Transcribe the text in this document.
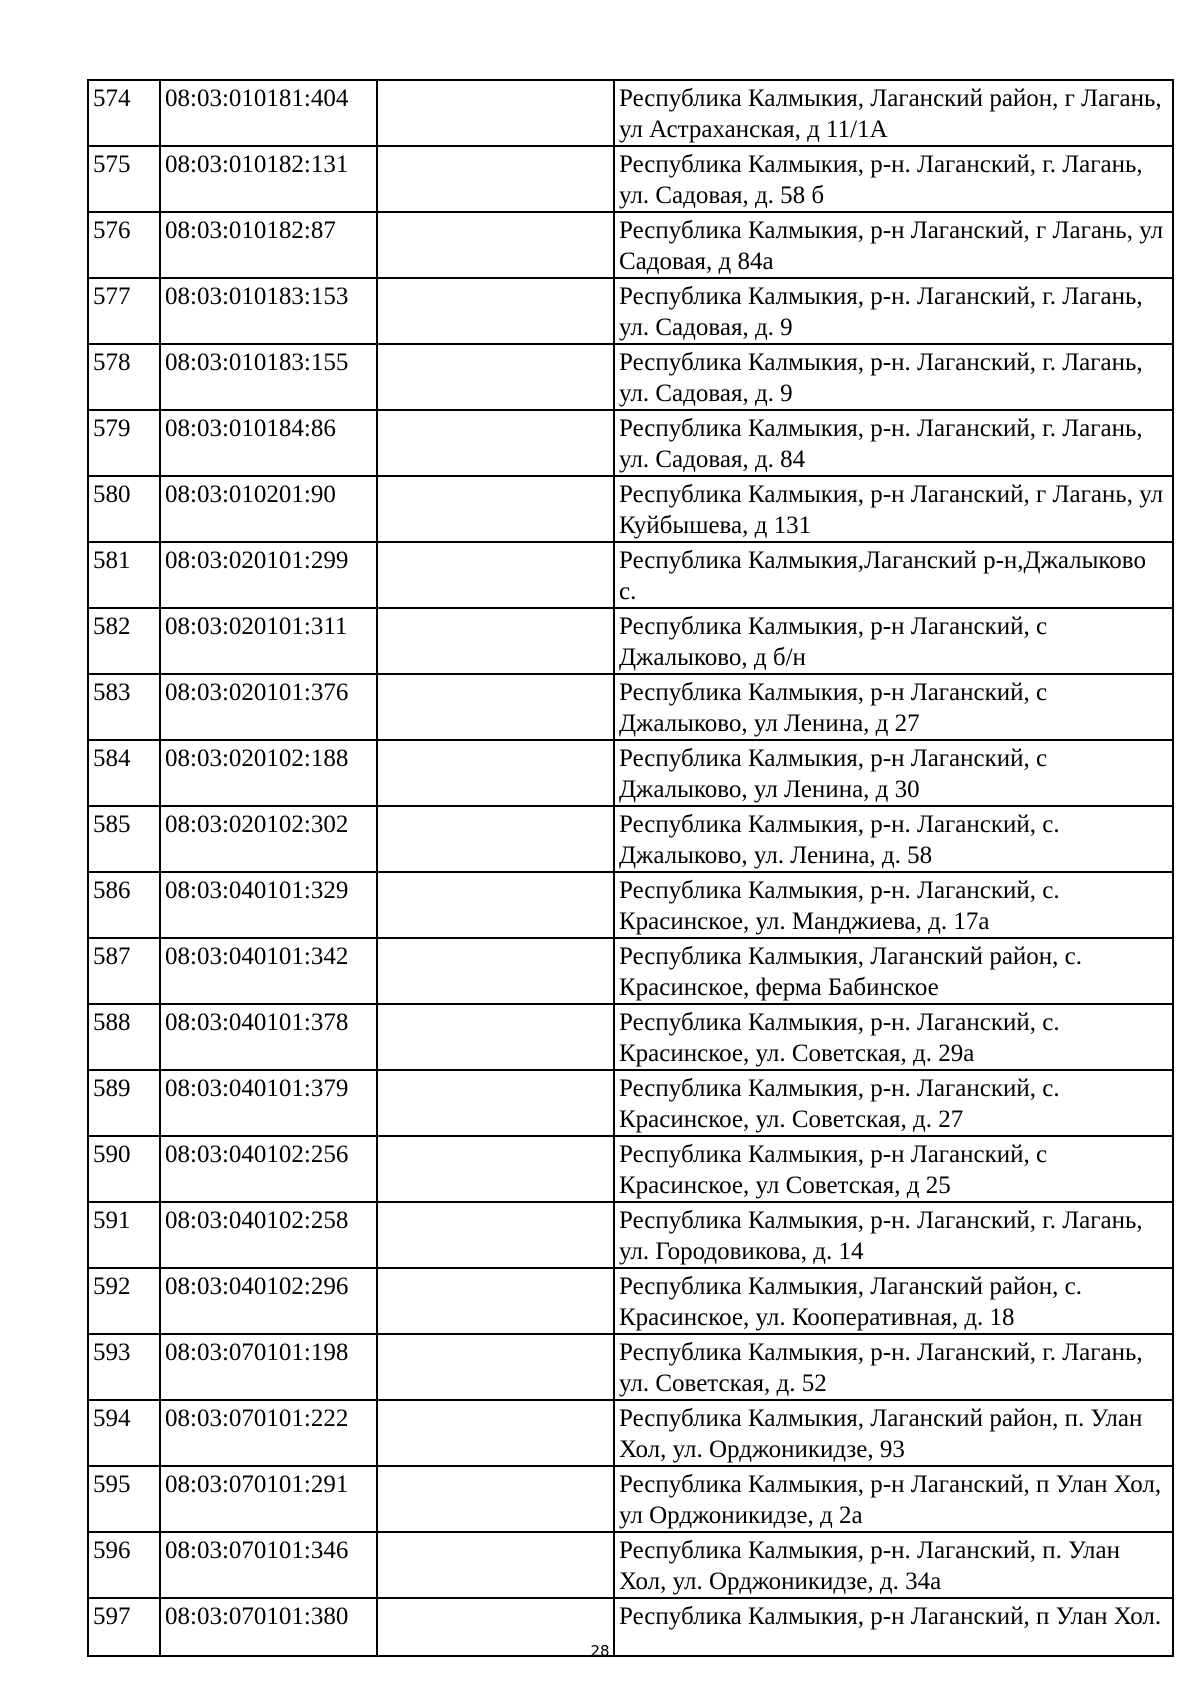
574	08:03:010181:404		Республика Калмыкия, Лаганский район, г Лагань, ул Астраханская, д 11/1А
575	08:03:010182:131		Республика Калмыкия, р-н. Лаганский, г. Лагань, ул. Садовая, д. 58 б
576	08:03:010182:87		Республика Калмыкия, р-н Лаганский, г Лагань, ул Садовая, д 84а
577	08:03:010183:153		Республика Калмыкия, р-н. Лаганский, г. Лагань, ул. Садовая, д. 9
578	08:03:010183:155		Республика Калмыкия, р-н. Лаганский, г. Лагань, ул. Садовая, д. 9
579	08:03:010184:86		Республика Калмыкия, р-н. Лаганский, г. Лагань, ул. Садовая, д. 84
580	08:03:010201:90		Республика Калмыкия, р-н Лаганский, г Лагань, ул Куйбышева, д 131
581	08:03:020101:299		Республика Калмыкия,Лаганский р-н,Джалыково с.
582	08:03:020101:311		Республика Калмыкия, р-н Лаганский, с Джалыково, д б/н
583	08:03:020101:376		Республика Калмыкия, р-н Лаганский, с Джалыково, ул Ленина, д 27
584	08:03:020102:188		Республика Калмыкия, р-н Лаганский, с Джалыково, ул Ленина, д 30
585	08:03:020102:302		Республика Калмыкия, р-н. Лаганский, с. Джалыково, ул. Ленина, д. 58
586	08:03:040101:329		Республика Калмыкия, р-н. Лаганский, с. Красинское, ул. Манджиева, д. 17а
587	08:03:040101:342		Республика Калмыкия, Лаганский район, с. Красинское, ферма Бабинское
588	08:03:040101:378		Республика Калмыкия, р-н. Лаганский, с. Красинское, ул. Советская, д. 29а
589	08:03:040101:379		Республика Калмыкия, р-н. Лаганский, с. Красинское, ул. Советская, д. 27
590	08:03:040102:256		Республика Калмыкия, р-н Лаганский, с Красинское, ул Советская, д 25
591	08:03:040102:258		Республика Калмыкия, р-н. Лаганский, г. Лагань, ул. Городовикова, д. 14
592	08:03:040102:296		Республика Калмыкия, Лаганский район, с. Красинское, ул. Кооперативная, д. 18
593	08:03:070101:198		Республика Калмыкия, р-н. Лаганский, г. Лагань, ул. Советская, д. 52
594	08:03:070101:222		Республика Калмыкия, Лаганский район, п. Улан Хол, ул. Орджоникидзе, 93
595	08:03:070101:291		Республика Калмыкия, р-н Лаганский, п Улан Хол, ул Орджоникидзе, д 2а
596	08:03:070101:346		Республика Калмыкия, р-н. Лаганский, п. Улан Хол, ул. Орджоникидзе, д. 34а
597	08:03:070101:380		Республика Калмыкия, р-н Лаганский, п Улан Хол.
28
